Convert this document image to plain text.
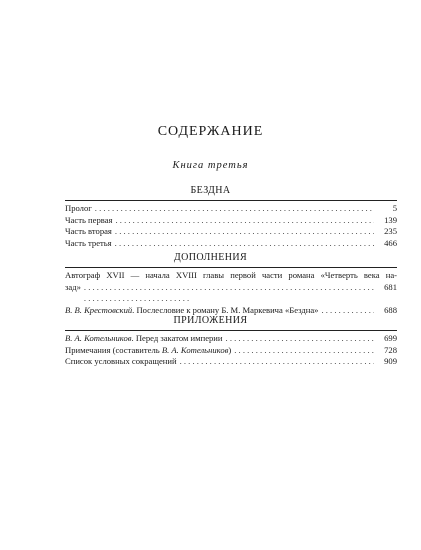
СОДЕРЖАНИЕ
Книга третья
БЕЗДНА
Пролог . . .	5
Часть первая . . .	139
Часть вторая . . .	235
Часть третья . . .	466
ДОПОЛНЕНИЯ
Автограф XVII — начала XVIII главы первой части романа «Четверть века на-
зад» . . .	681
В. В. Крестовский. Послесловие к роману Б. М. Маркевича «Бездна» . . .	688
ПРИЛОЖЕНИЯ
В. А. Котельников. Перед закатом империи . . .	699
Примечания (составитель В. А. Котельников) . . .	728
Список условных сокращений . . .	909
